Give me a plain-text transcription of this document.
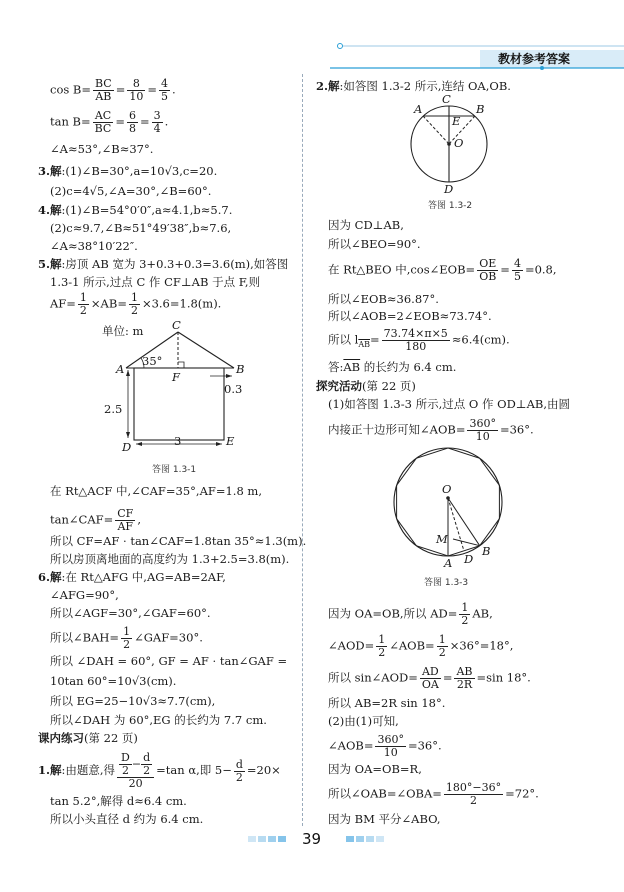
教材参考答案
$\cos B= \frac{BC}{AB} = \frac{8}{10} = \frac{4}{5}$ .
$\tan B= \frac{AC}{BC} = \frac{6}{8} = \frac{3}{4}$ .
∠A≈53°,∠B≈37°.
3.解:(1)∠B=30°,a=10√3,c=20.
(2)c=4√5,∠A=30°,∠B=60°.
4.解:(1)∠B=54°0′0″,a≈4.1,b≈5.7.
(2)c≈9.7,∠B≈51°49′38″,b≈7.6,
∠A≈38°10′22″.
5.解:房顶 AB 宽为 3+0.3+0.3=3.6(m),如答图
1.3-1 所示,过点 C 作 CF⊥AB 于点 F,则
$AF= \frac{1}{2} \times AB= \frac{1}{2} \times 3.6=1.8(m)$.
单位: m C
A
F
B
35°
2.5
D	3	E
0.3
答图 1.3-1
在 Rt△ACF 中,∠CAF=35°,AF=1.8 m,
tan∠CAF= $\frac{CF}{AF}$ ,
所以 CF=AF · tan∠CAF=1.8tan 35°≈1.3(m).
所以房顶离地面的高度约为 1.3+2.5=3.8(m).
6.解:在 Rt△AFG 中,AG=AB=2AF,
∠AFG=90°,
所以∠AGF=30°,∠GAF=60°.
所以∠BAH= $\frac{1}{2}$ ∠GAF=30°.
所以 ∠DAH = 60°, GF = AF · tan∠GAF =
10tan 60°=10√3(cm).
所以 EG=25−10√3≈7.7(cm),
所以∠DAH 为 60°,EG 的长约为 7.7 cm.
课内练习(第 22 页)
1.解:由题意,得 $\frac{\frac{D}{2} - \frac{d}{2}}{20} =\tan$ α,即 $5- \frac{d}{2} =20\times$
tan 5.2°,解得 d≈6.4 cm.
所以小头直径 d 约为 6.4 cm.
2.解:如答图 1.3-2 所示,连结 OA,OB.
C
A	B
E
O
D
答图 1.3-2
因为 CD⊥AB,
所以∠BEO=90°.
在 Rt△BEO 中,cos∠EOB= $\frac{OE}{OB} = \frac{4}{5} =0.8$,
所以∠EOB≈36.87°.
所以∠AOB=2∠EOB≈73.74°.
所以 $l_{\overline{AB}}= \frac{73.74\times\pi\times 5}{180} \approx 6.4(cm)$.
答$:\overline{AB}$ 的长约为 6.4 cm.
探究活动(第 22 页)
(1)如答图 1.3-3 所示,过点 O 作 OD⊥AB,由圆
内接正十边形可知∠AOB= $\frac{360^\circ}{10} =36^\circ$.
O
M
B
A D
答图 1.3-3
因为 OA=OB,所以 $AD= \frac{1}{2}$ AB,
∠AOD= $\frac{1}{2}$ ∠AOB= $\frac{1}{2} \times 36^\circ=18^\circ$,
所以 sin∠AOD= $\frac{AD}{OA} = \frac{AB}{2R} =\sin$ 18°.
所以 AB=2R sin 18°.
(2)由(1)可知,
∠AOB= $\frac{360^\circ}{10} =36^\circ$.
因为 OA=OB=R,
所以∠OAB=∠OBA= $\frac{180^\circ-36^\circ}{2} =72^\circ$.
因为 BM 平分∠ABO,
39
